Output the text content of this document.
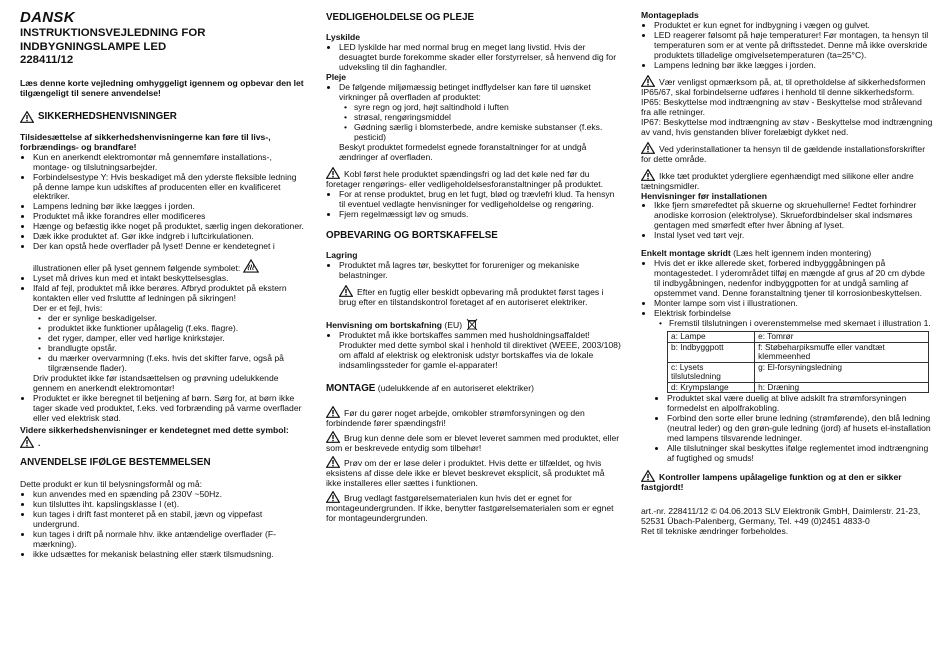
DANSK
INSTRUKTIONSVEJLEDNING FOR
INDBYGNINGSLAMPE LED
228411/12

Læs denne korte vejledning omhyggeligt igennem og opbevar den let tilgængeligt til senere anvendelse!

SIKKERHEDSHENVISNINGER

Tilsidesættelse af sikkerhedshenvisningerne kan føre til livs-, forbrændings- og brandfare!

• Kun en anerkendt elektromontør må gennemføre installations-, montage- og tilslutningsarbejder.
• Forbindelsestype Y: Hvis beskadiget må den yderste fleksible ledning på denne lampe kun udskiftes af producenten eller en kvalificeret elektriker.
• Lampens ledning bør ikke lægges i jorden.
• Produktet må ikke forandres eller modificeres
• Hænge og befæstig ikke noget på produktet, særlig ingen dekorationer.
• Dæk ikke produktet af. Gør ikke indgreb i luftcirkulationen.
• Der kan opstå hede overflader på lyset! Denne er kendetegnet i
illustrationen eller på lyset gennem følgende symbolet:
• Lyset må drives kun med et intakt beskyttelsesglas.
• Ifald af fejl, produktet må ikke berøres. Afbryd produktet på ekstern kontakten eller ved frsluttte af ledningen på sikringen!

Der er et fejl, hvis:

• der er synlige beskadigelser.
• produktet ikke funktioner upålagelig (f.eks. flagre).
• det ryger, damper, eller ved hørlige knirkstøjer.
• brandlugte opstår.
• du mærker overvarmning (f.eks. hvis det skifter farve, også på tilgrænsende flader).

Driv produktet ikke før istandsættelsen og prøvning udelukkende gennem en anerkendt elektromontør!

• Produktet er ikke beregnet til betjening af børn. Sørg for, at børn ikke tager skade ved produktet, f.eks. ved forbrænding på varme overflader eller ved elektrisk stød.

Videre sikkerhedshenvisninger er kendetegnet med dette symbol:
.

ANVENDELSE IFØLGE BESTEMMELSEN

Dette produkt er kun til belysningsformål og må:

• kun anvendes med en spænding på 230V ~50Hz.
• kun tilsluttes iht. kapslingsklasse I (et).
• kun tages i drift fast monteret på en stabil, jævn og vippefast undergrund.
• kun tages i drift på normale hhv. ikke antændelige overflader (F-mærkning).
• ikke udsættes for mekanisk belastning eller stærk tilsmudsning.
VEDLIGEHOLDELSE OG PLEJE

Lyskilde

• LED lyskilde har med normal brug en meget lang livstid. Hvis der desuagtet burde forekomme skader eller forstyrrelser, så henvend dig for udveksling til din faghandler.

Pleje

• De følgende miljømæssig betinget indflydelser kan føre til uønsket virkninger på overfladen af produktet:
• syre regn og jord, højt saltindhold i luften
• strøsal, rengøringsmiddel
• Gødning særlig i blomsterbede, andre kemiske substanser (f.eks. pesticid)

Beskyt produktet formedelst egnede foranstaltninger for at undgå ændringer af overfladen.

Kobl først hele produktet spændingsfri og lad det køle ned før du foretager rengørings- eller vedligeholdelsesforanstaltninger på produktet.

• For at rense produktet, brug en let fugt, blød og trævlefri klud. Ta hensyn til eventuel vedlagte henvisninger for vedligeholdelse og rengøring.
• Fjern regelmæssigt løv og smuds.
OPBEVARING OG BORTSKAFFELSE

Lagring

• Produktet må lagres tør, beskyttet for forureniger og mekaniske belastninger.

Efter en fugtig eller beskidt opbevaring må produktet først tages i brug efter en tilstandskontrol foretaget af en autoriseret elektriker.

Henvisning om bortskafning (EU)

• Produktet må ikke bortskaffes sammen med husholdningsaffaldet! Produkter med dette symbol skal i henhold til direktivet (WEEE, 2003/108) om affald af elektrisk og elektronisk udstyr bortskaffes via de lokale indsamlingssteder for gamle el-apparater!

MONTAGE (udelukkende af en autoriseret elektriker)

Før du gører noget arbejde, omkobler strømforsyningen og den forbindende fører spændingsfri!

Brug kun denne dele som er blevet leveret sammen med produktet, eller som er beskrevede entydig som tilbehør!

Prøv om der er løse deler i produktet. Hvis dette er tilfældet, og hvis eksistens af disse dele ikke er blevet beskrevet eksplicit, så produktet må ikke installeres eller sættes i funktionen.

Brug vedlagt fastgørelsematerialen kun hvis det er egnet for montageundergrunden. If ikke, benytter fastgørelsematerialen som er egnet for montageundergrunden.

Montageplads

• Produktet er kun egnet for indbygning i vægen og gulvet.
• LED reagerer følsomt på høje temperaturer! Før montagen, ta hensyn til temperaturen som er at vente på driftsstedet. Denne må ikke overskride produktets tilladelige omgivelsetemperaturen (ta=25°C).
• Lampens ledning bør ikke lægges i jorden.

Vær venligst opmærksom på, at, til opretholdelse af sikkerhedsformen IP65/67, skal forbindelserne udføres i henhold til denne sikkerhedsform.

IP65: Beskyttelse mod indtrængning av støv - Beskyttelse mod strålevand fra alle retninger.

IP67: Beskyttelse mod indtrængning av støv - Beskyttelse mod indtrængning av vand, hvis genstanden bliver forelæbigt dykket ned.

Ved yderinstallationer ta hensyn til de gældende installationsforskrifter for dette område.

Ikke tæt produktet ydergliere egenhændigt med silikone eller andre tætningsmidler.

Henvisninger før installationen

• Ikke fjern smørefedtet på skuerne og skruehullerne! Fedtet forhindrer anodiske korrosion (elektrolyse). Skruefordbindelser skal indsmøres gentagen med smørfedt efter hver åbning af lyset.
• Instal lyset ved tørt vejr.

Enkelt montage skridt (Læs helt igennem inden montering)

• Hvis det er ikke allerede sket, forbered indbygggåbningen på montagestedet. I yderområdet tilføj en mængde af grus af 20 cm dybde til indbygåbningen, nedenfor indbyggpotten for at undgå samling af opstemmet vand. Denne foranstaltning tjener til korrosionbeskyttelsen.
• Monter lampe som vist i illustrationen.
• Elektrisk forbindelse
• Fremstil tilslutningen i overenstemmelse med skemaet i illustration 1.
a: Lampe	e: Tomrør
b: Indbyggpott	f: Støbeharpiksmuffe eller vandtæt klemmeenhed
c: Lysets tilslutsledning	g: El-forsyningsledning
d: Krympslange	h: Dræning
• Produktet skal være duelig at blive adskilt fra strømforsyningen formedelst en alpolfrakobling.
• Forbind den sorte eller brune ledning (strømførende), den blå ledning (neutral leder) og den grøn-gule ledning (jord) af husets el-installation med lampens tilsvarende ledninger.
• Alle tilslutninger skal beskyttes ifølge reglementet imod indtrængning af fugtighed og smuds!

Kontroller lampens upålagelige funktion og at den er sikker fastgjordt!

art.-nr. 228411/12 © 04.06.2013 SLV Elektronik GmbH, Daimlerstr. 21-23,
52531 Übach-Palenberg, Germany, Tel. +49 (0)2451 4833-0
Ret til tekniske ændringer forbeholdes.
